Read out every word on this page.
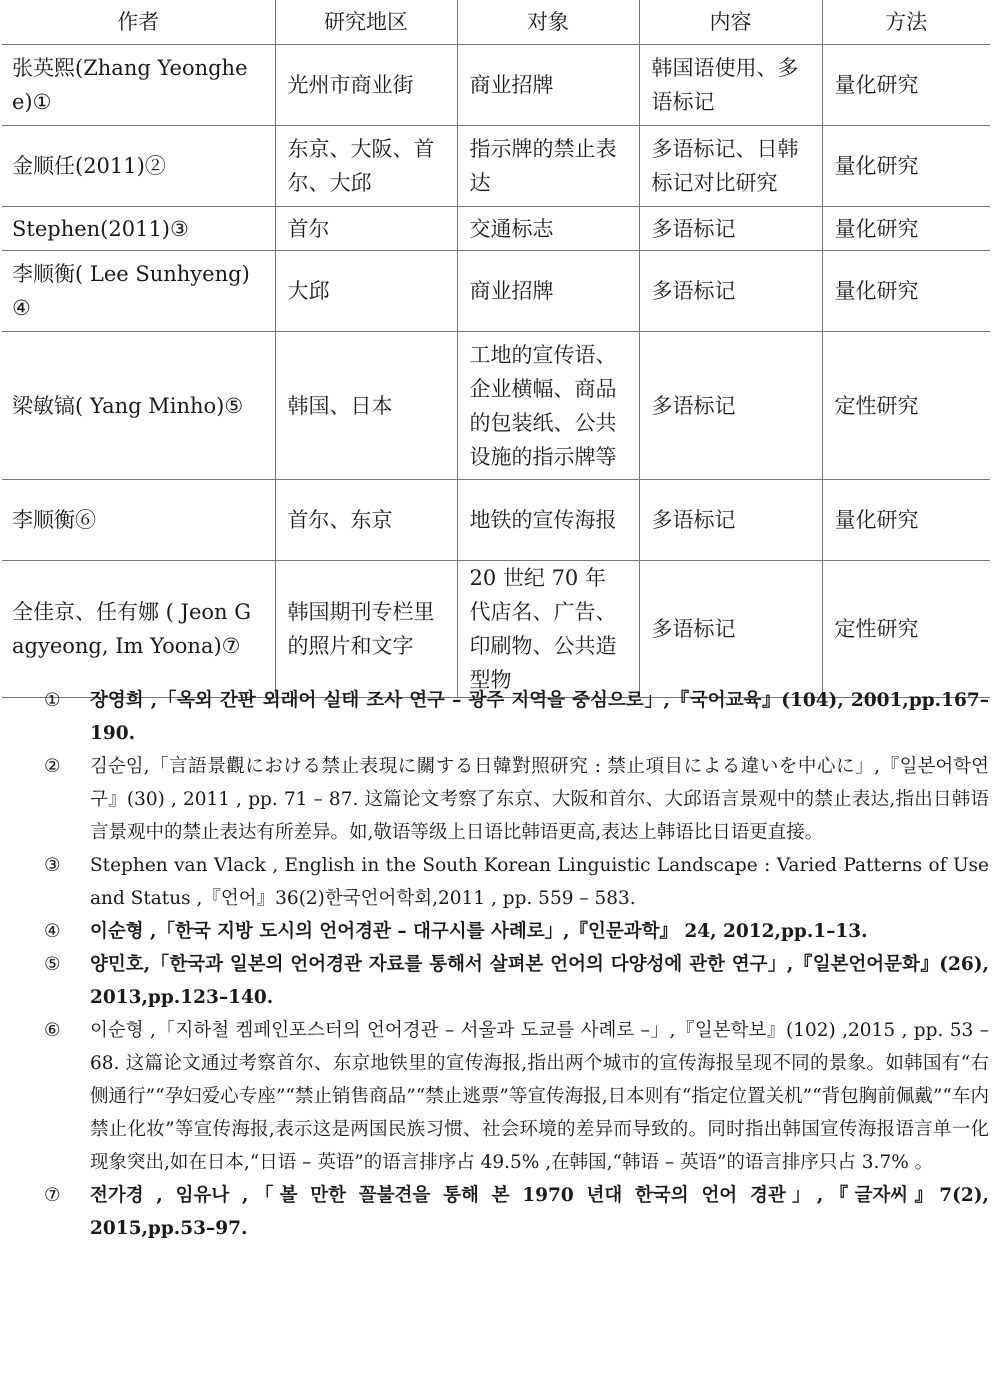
作者	研究地区	对象	内容	方法
张英熙(Zhang Yeonghee)①	光州市商业街	商业招牌	韩国语使用、多语标记	量化研究
金顺任(2011)②	东京、大阪、首尔、大邱	指示牌的禁止表达	多语标记、日韩标记对比研究	量化研究
Stephen(2011)③	首尔	交通标志	多语标记	量化研究
李顺衡( Lee Sunhyeng)④	大邱	商业招牌	多语标记	量化研究
梁敏镐( Yang Minho)⑤	韩国、日本	工地的宣传语、企业横幅、商品的包装纸、公共设施的指示牌等	多语标记	定性研究
李顺衡⑥	首尔、东京	地铁的宣传海报	多语标记	量化研究
全佳京、任有娜 ( Jeon Gagyeong, Im Yoona)⑦	韩国期刊专栏里的照片和文字	20 世纪 70 年代店名、广告、印刷物、公共造型物	多语标记	定性研究
①	장영희 ,「옥외 간판 외래어 실태 조사 연구 – 광주 지역을 중심으로」,『국어교육』(104), 2001,pp.167–190.
②	김순임,「言語景觀における禁止表現に關する日韓對照研究 : 禁止項目による違いを中心に」,『일본어학연구』(30) , 2011 , pp. 71 – 87. 这篇论文考察了东京、大阪和首尔、大邱语言景观中的禁止表达,指出日韩语言景观中的禁止表达有所差异。如,敬语等级上日语比韩语更高,表达上韩语比日语更直接。
③	Stephen van Vlack , English in the South Korean Linguistic Landscape : Varied Patterns of Use and Status ,『언어』36(2)한국언어학회,2011 , pp. 559 – 583.
④	이순형 ,「한국 지방 도시의 언어경관 – 대구시를 사례로」,『인문과학』 24, 2012,pp.1–13.
⑤	양민호,「한국과 일본의 언어경관 자료를 통해서 살펴본 언어의 다양성에 관한 연구」,『일본언어문화』(26), 2013,pp.123–140.
⑥	이순형 ,「지하철 켐페인포스터의 언어경관 – 서울과 도쿄를 사례로 –」,『일본학보』(102) ,2015 , pp. 53 – 68. 这篇论文通过考察首尔、东京地铁里的宣传海报,指出两个城市的宣传海报呈现不同的景象。如韩国有“右侧通行”“孕妇爱心专座”“禁止销售商品”“禁止逃票”等宣传海报,日本则有“指定位置关机”“背包胸前佩戴”“车内禁止化妆”等宣传海报,表示这是两国民族习惯、社会环境的差异而导致的。同时指出韩国宣传海报语言单一化现象突出,如在日本,“日语 – 英语”的语言排序占 49.5% ,在韩国,“韩语 – 英语”的语言排序只占 3.7% 。
⑦	전가경 , 임유나 ,「볼 만한 꼴불견을 통해 본 1970 년대 한국의 언어 경관」,『글자씨』7(2), 2015,pp.53–97.
